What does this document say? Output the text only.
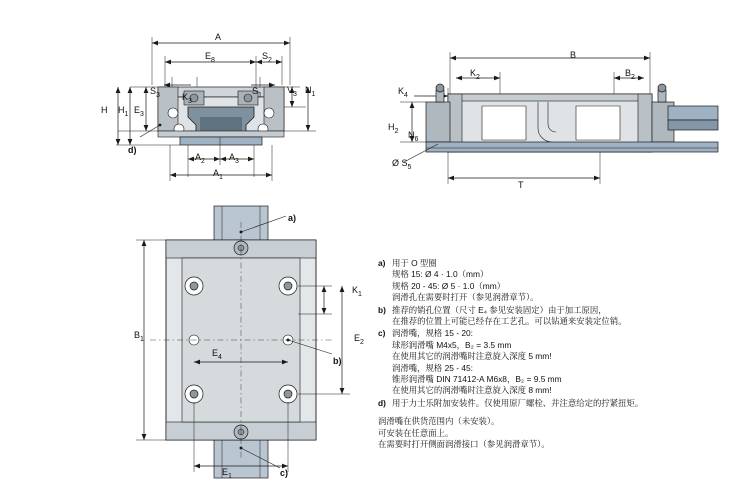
A
$E_8$	$S_2$
$S_3$ $K_3$
$S_1$
$V_3$ $N_1$
$E_3$
$H_1$
H
d)
$A_2$	$A_3$
$A_1$
B
$K_2$	$B_2$
$K_4$
$H_2$ $N_6$
Ø $S_5$
T
a)
$K_1$
$E_2$
b)
$B_1$
$E_4$
c)
$E_1$
a) 用于 O 型圈

规格 15: Ø 4 · 1.0（mm）

规格 20 - 45: Ø 5 · 1.0（mm）

润滑孔在需要时打开（参见润滑章节）。

b) 推荐的销孔位置（尺寸 E₄ 参见安装固定）由于加工原因，

在推荐的位置上可能已经存在工艺孔。可以钻通来安装定位销。

c) 润滑嘴，规格 15 - 20:

球形润滑嘴 M4x5，B₂ = 3.5 mm

在使用其它的润滑嘴时注意旋入深度 5 mm!

润滑嘴，规格 25 - 45:

锥形润滑嘴 DIN 71412-A M6x8，B₂ = 9.5 mm

在使用其它的润滑嘴时注意旋入深度 8 mm!

d) 用于力士乐附加安装件。仅使用原厂螺栓、并注意给定的拧紧扭矩。

润滑嘴在供货范围内（未安装）。

可安装在任意面上。

在需要时打开侧面润滑接口（参见润滑章节）。
